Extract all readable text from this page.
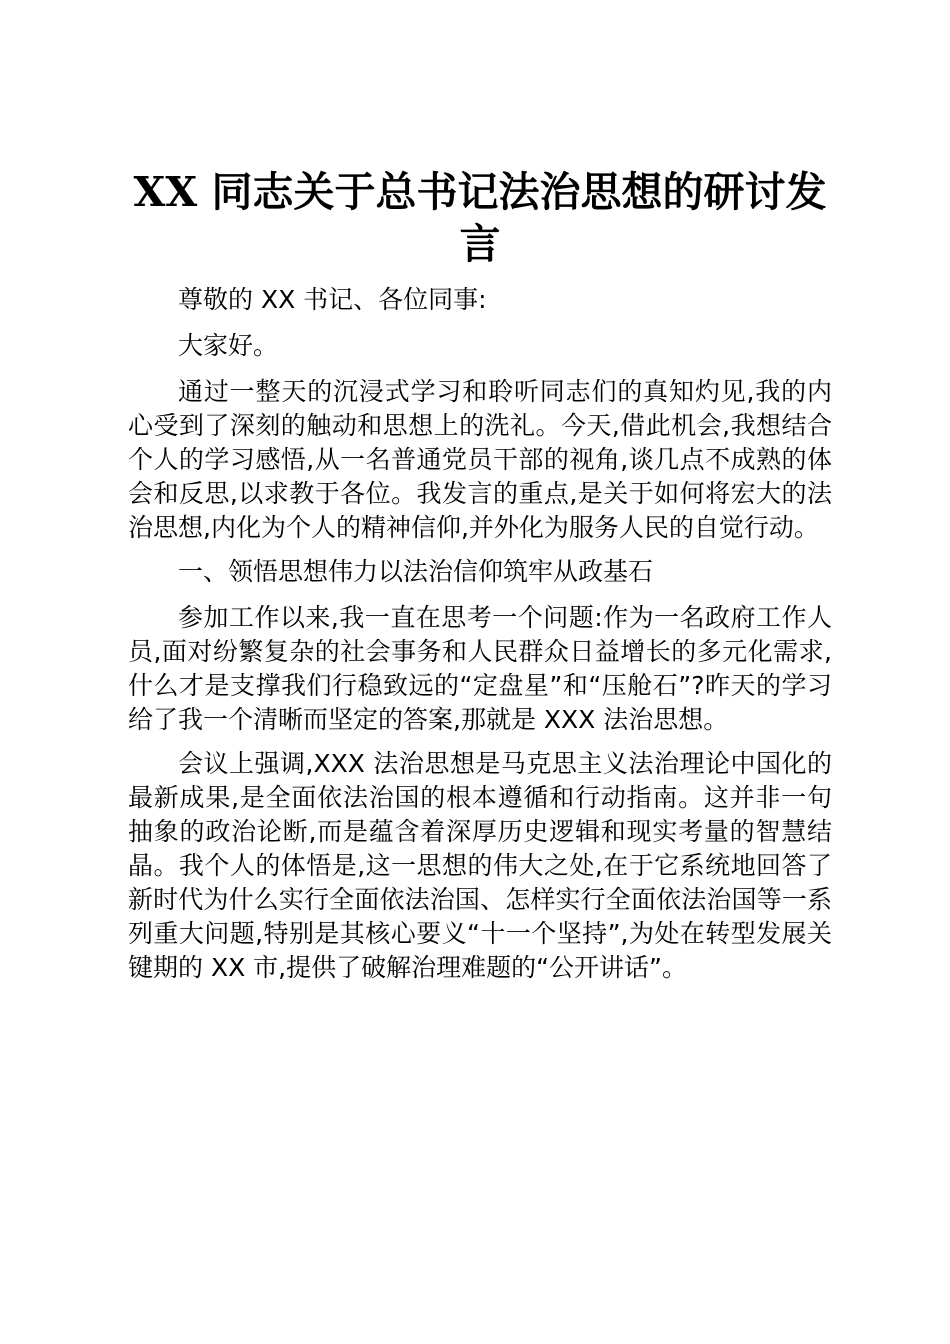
XX 同志关于总书记法治思想的研讨发言

尊敬的 XX 书记、各位同事:

大家好。

通过一整天的沉浸式学习和聆听同志们的真知灼见,我的内心受到了深刻的触动和思想上的洗礼。今天,借此机会,我想结合个人的学习感悟,从一名普通党员干部的视角,谈几点不成熟的体会和反思,以求教于各位。我发言的重点,是关于如何将宏大的法治思想,内化为个人的精神信仰,并外化为服务人民的自觉行动。

一、领悟思想伟力以法治信仰筑牢从政基石

参加工作以来,我一直在思考一个问题:作为一名政府工作人员,面对纷繁复杂的社会事务和人民群众日益增长的多元化需求,什么才是支撑我们行稳致远的“定盘星”和“压舱石”?昨天的学习给了我一个清晰而坚定的答案,那就是 XXX 法治思想。

会议上强调,XXX 法治思想是马克思主义法治理论中国化的最新成果,是全面依法治国的根本遵循和行动指南。这并非一句抽象的政治论断,而是蕴含着深厚历史逻辑和现实考量的智慧结晶。我个人的体悟是,这一思想的伟大之处,在于它系统地回答了新时代为什么实行全面依法治国、怎样实行全面依法治国等一系列重大问题,特别是其核心要义“十一个坚持”,为处在转型发展关键期的 XX 市,提供了破解治理难题的“公开讲话”。
